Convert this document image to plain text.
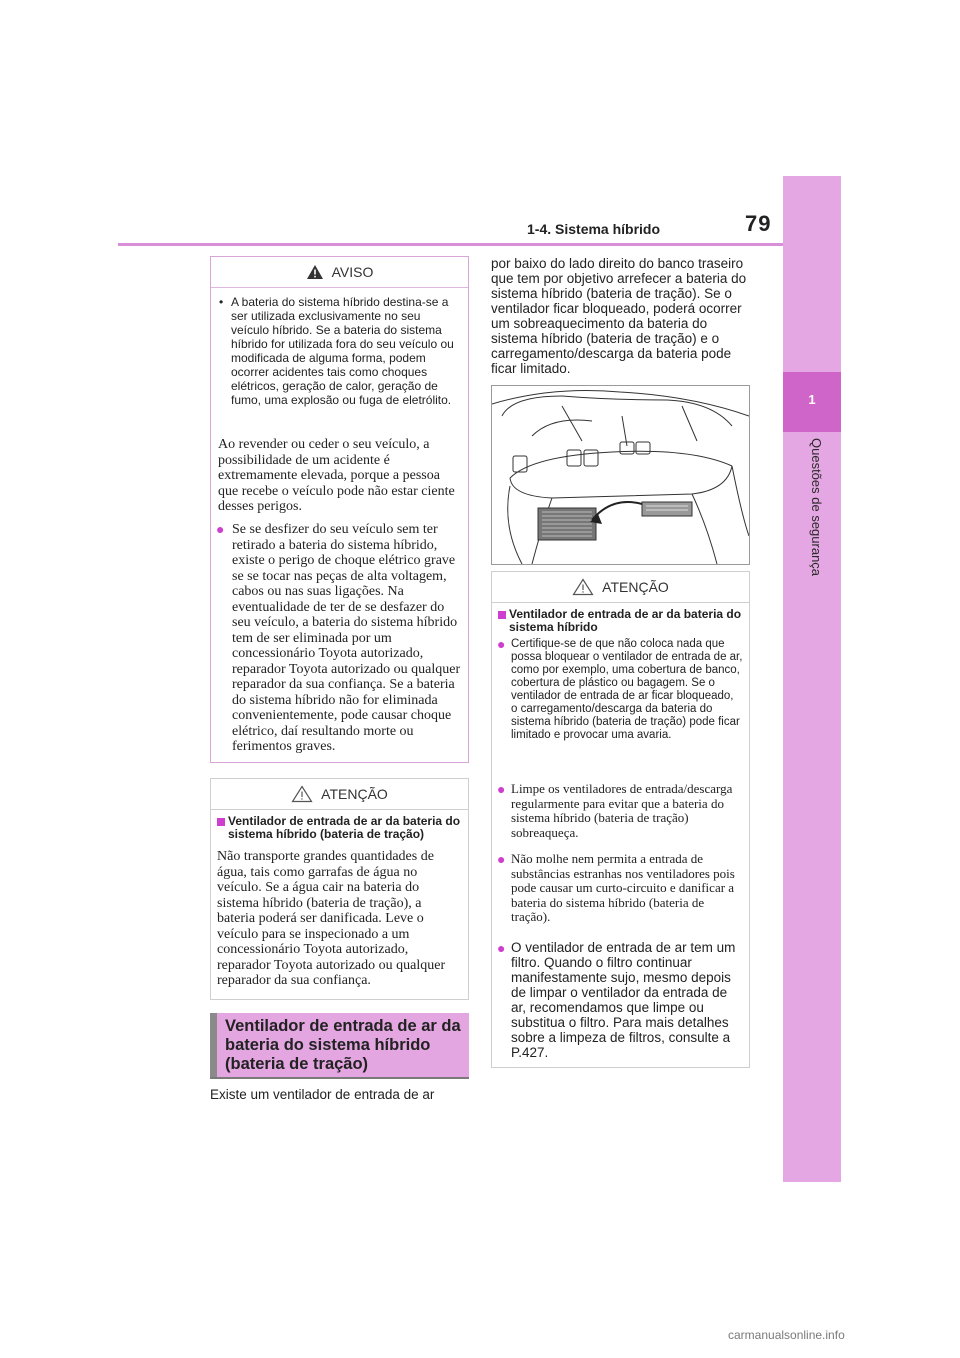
1-4. Sistema híbrido	79
1
Questões de segurança
AVISO
• A bateria do sistema híbrido destina-se a ser utilizada exclusivamente no seu veículo híbrido. Se a bateria do sistema híbrido for utilizada fora do seu veículo ou modificada de alguma forma, podem ocorrer acidentes tais como choques elétricos, geração de calor, geração de fumo, uma explosão ou fuga de eletrólito.
Ao revender ou ceder o seu veículo, a possibilidade de um acidente é extremamente elevada, porque a pessoa que recebe o veículo pode não estar ciente desses perigos.
● Se se desfizer do seu veículo sem ter retirado a bateria do sistema híbrido, existe o perigo de choque elétrico grave se se tocar nas peças de alta voltagem, cabos ou nas suas ligações. Na eventualidade de ter de se desfazer do seu veículo, a bateria do sistema híbrido tem de ser eliminada por um concessionário Toyota autorizado, reparador Toyota autorizado ou qualquer reparador da sua confiança. Se a bateria do sistema híbrido não for eliminada convenientemente, pode causar choque elétrico, daí resultando morte ou ferimentos graves.
ATENÇÃO
Ventilador de entrada de ar da bateria do sistema híbrido (bateria de tração)
Não transporte grandes quantidades de água, tais como garrafas de água no veículo. Se a água cair na bateria do sistema híbrido (bateria de tração), a bateria poderá ser danificada. Leve o veículo para se inspecionado a um concessionário Toyota autorizado, reparador Toyota autorizado ou qualquer reparador da sua confiança.
Ventilador de entrada de ar da bateria do sistema híbrido (bateria de tração)
Existe um ventilador de entrada de ar
por baixo do lado direito do banco traseiro que tem por objetivo arrefecer a bateria do sistema híbrido (bateria de tração). Se o ventilador ficar bloqueado, poderá ocorrer um sobreaquecimento da bateria do sistema híbrido (bateria de tração) e o carregamento/descarga da bateria pode ficar limitado.
ATENÇÃO
Ventilador de entrada de ar da bateria do sistema híbrido
● Certifique-se de que não coloca nada que possa bloquear o ventilador de entrada de ar, como por exemplo, uma cobertura de banco, cobertura de plástico ou bagagem. Se o ventilador de entrada de ar ficar bloqueado, o carregamento/descarga da bateria do sistema híbrido (bateria de tração) pode ficar limitado e provocar uma avaria.
● Limpe os ventiladores de entrada/descarga regularmente para evitar que a bateria do sistema híbrido (bateria de tração) sobreaqueça.
● Não molhe nem permita a entrada de substâncias estranhas nos ventiladores pois pode causar um curto-circuito e danificar a bateria do sistema híbrido (bateria de tração).
● O ventilador de entrada de ar tem um filtro. Quando o filtro continuar manifestamente sujo, mesmo depois de limpar o ventilador da entrada de ar, recomendamos que limpe ou substitua o filtro. Para mais detalhes sobre a limpeza de filtros, consulte a P.427.
carmanualsonline.info
